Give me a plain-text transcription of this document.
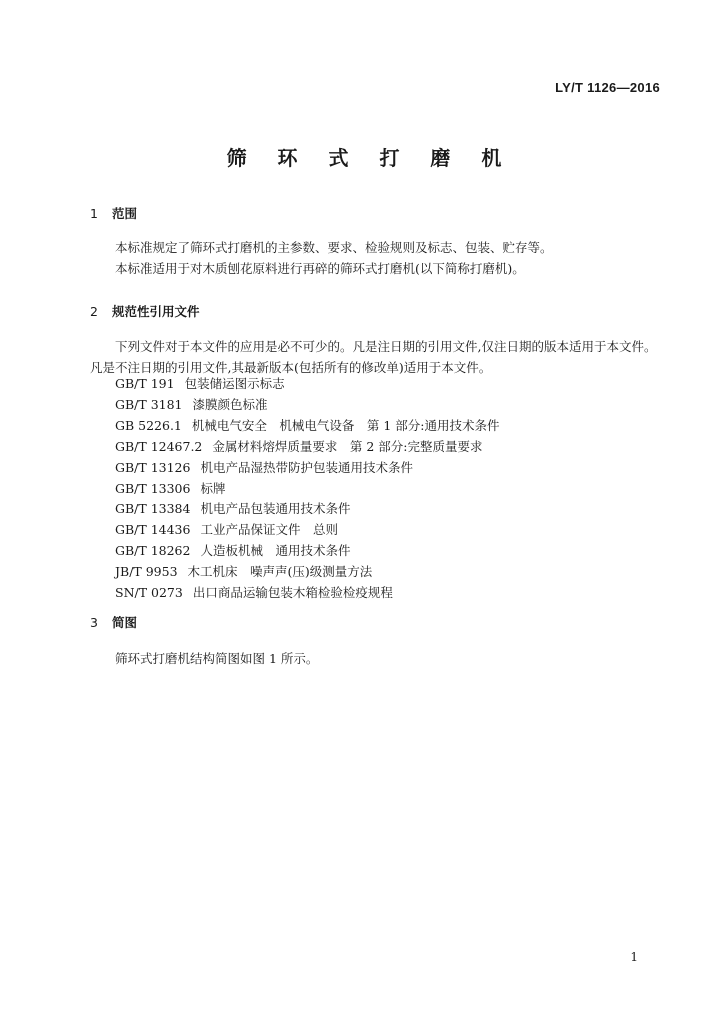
LY/T 1126—2016
筛 环 式 打 磨 机
1 范围

本标准规定了筛环式打磨机的主参数、要求、检验规则及标志、包装、贮存等。

本标准适用于对木质刨花原料进行再碎的筛环式打磨机(以下简称打磨机)。

2 规范性引用文件

下列文件对于本文件的应用是必不可少的。凡是注日期的引用文件,仅注日期的版本适用于本文件。凡是不注日期的引用文件,其最新版本(包括所有的修改单)适用于本文件。

GB/T 191 包装储运图示标志
GB/T 3181 漆膜颜色标准
GB 5226.1 机械电气安全　机械电气设备　第 1 部分:通用技术条件
GB/T 12467.2 金属材料熔焊质量要求　第 2 部分:完整质量要求
GB/T 13126 机电产品湿热带防护包装通用技术条件
GB/T 13306 标牌
GB/T 13384 机电产品包装通用技术条件
GB/T 14436 工业产品保证文件　总则
GB/T 18262 人造板机械　通用技术条件
JB/T 9953 木工机床　噪声声(压)级测量方法
SN/T 0273 出口商品运输包装木箱检验检疫规程
3 简图

筛环式打磨机结构简图如图 1 所示。

1
